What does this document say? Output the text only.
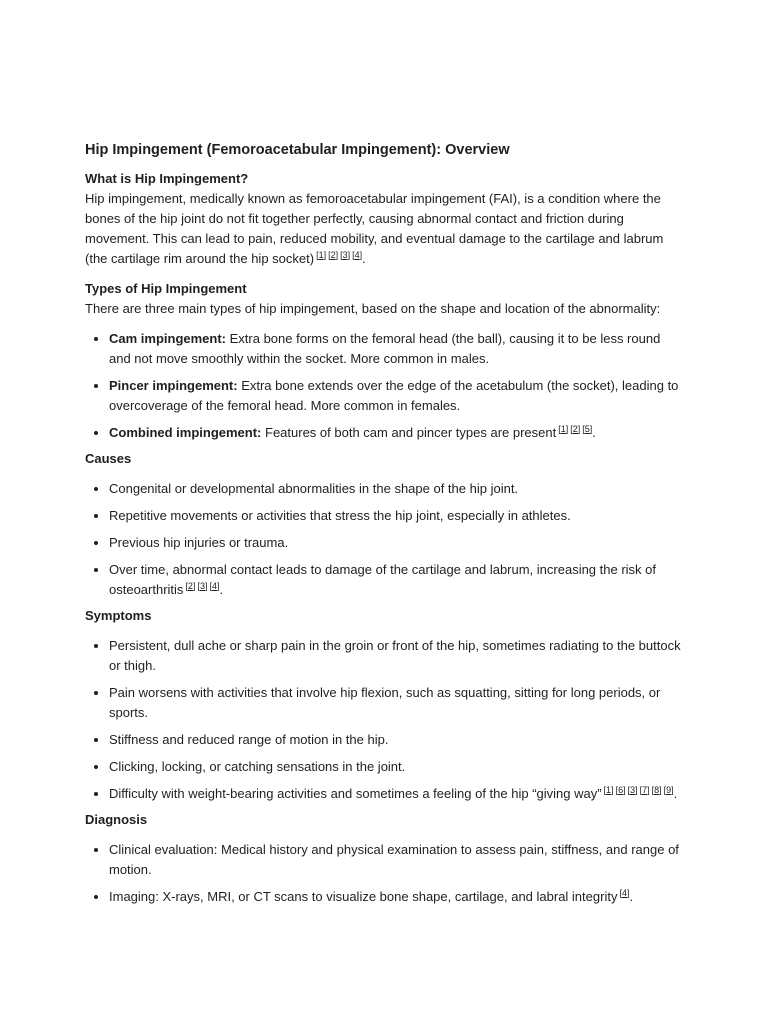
Hip Impingement (Femoroacetabular Impingement): Overview
What is Hip Impingement?

Hip impingement, medically known as femoroacetabular impingement (FAI), is a condition where the bones of the hip joint do not fit together perfectly, causing abnormal contact and friction during movement. This can lead to pain, reduced mobility, and eventual damage to the cartilage and labrum (the cartilage rim around the hip socket) [1] [2] [3] [4].

Types of Hip Impingement

There are three main types of hip impingement, based on the shape and location of the abnormality:

• Cam impingement: Extra bone forms on the femoral head (the ball), causing it to be less round and not move smoothly within the socket. More common in males.
• Pincer impingement: Extra bone extends over the edge of the acetabulum (the socket), leading to overcoverage of the femoral head. More common in females.
• Combined impingement: Features of both cam and pincer types are present [1] [2] [5].
Causes
• Congenital or developmental abnormalities in the shape of the hip joint.
• Repetitive movements or activities that stress the hip joint, especially in athletes.
• Previous hip injuries or trauma.
• Over time, abnormal contact leads to damage of the cartilage and labrum, increasing the risk of osteoarthritis [2] [3] [4].
Symptoms
• Persistent, dull ache or sharp pain in the groin or front of the hip, sometimes radiating to the buttock or thigh.
• Pain worsens with activities that involve hip flexion, such as squatting, sitting for long periods, or sports.
• Stiffness and reduced range of motion in the hip.
• Clicking, locking, or catching sensations in the joint.
• Difficulty with weight-bearing activities and sometimes a feeling of the hip “giving way” [1] [6] [3] [7] [8] [9].
Diagnosis
• Clinical evaluation: Medical history and physical examination to assess pain, stiffness, and range of motion.
• Imaging: X-rays, MRI, or CT scans to visualize bone shape, cartilage, and labral integrity [4].
